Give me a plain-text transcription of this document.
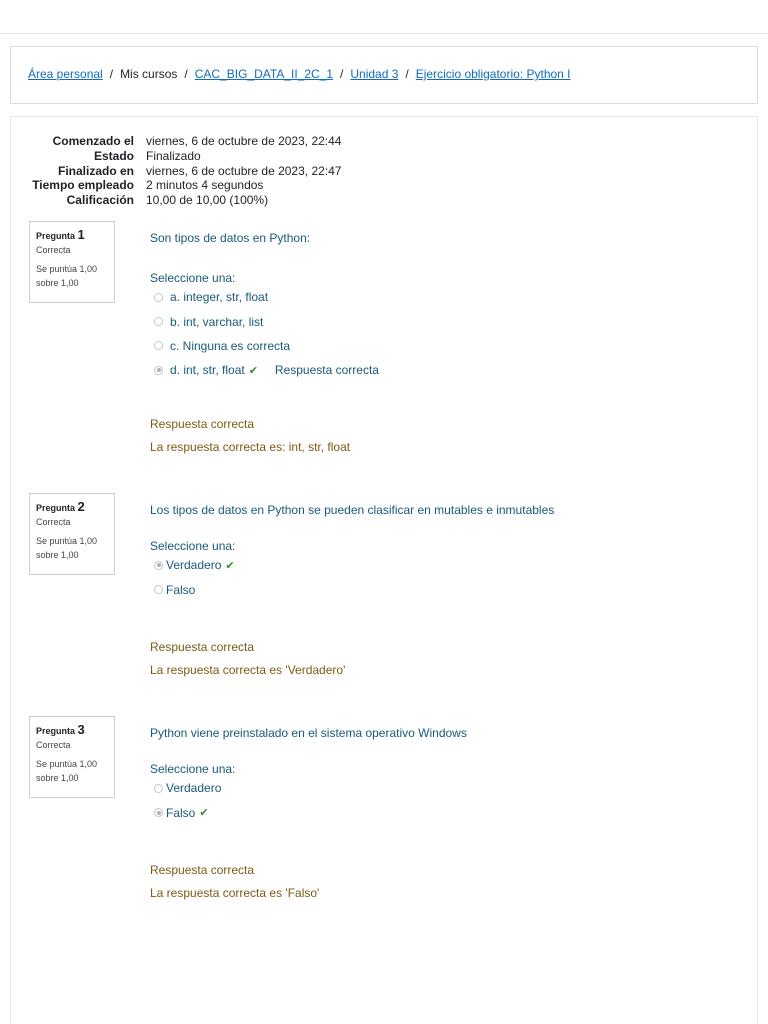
Área personal / Mis cursos / CAC_BIG_DATA_II_2C_1 / Unidad 3 / Ejercicio obligatorio: Python I
Comenzado el	viernes, 6 de octubre de 2023, 22:44
Estado	Finalizado
Finalizado en	viernes, 6 de octubre de 2023, 22:47
Tiempo empleado	2 minutos 4 segundos
Calificación	10,00 de 10,00 (100%)
Pregunta 1
Correcta
Se puntúa 1,00 sobre 1,00
Son tipos de datos en Python:
Seleccione una:
a. integer, str, float
b. int, varchar, list
c. Ninguna es correcta
d. int, str, float ✔ Respuesta correcta
Respuesta correcta
La respuesta correcta es: int, str, float
Pregunta 2
Correcta
Se puntúa 1,00 sobre 1,00
Los tipos de datos en Python se pueden clasificar en mutables e inmutables
Seleccione una:
Verdadero ✔
Falso
Respuesta correcta
La respuesta correcta es 'Verdadero'
Pregunta 3
Correcta
Se puntúa 1,00 sobre 1,00
Python viene preinstalado en el sistema operativo Windows
Seleccione una:
Verdadero
Falso ✔
Respuesta correcta
La respuesta correcta es 'Falso'
